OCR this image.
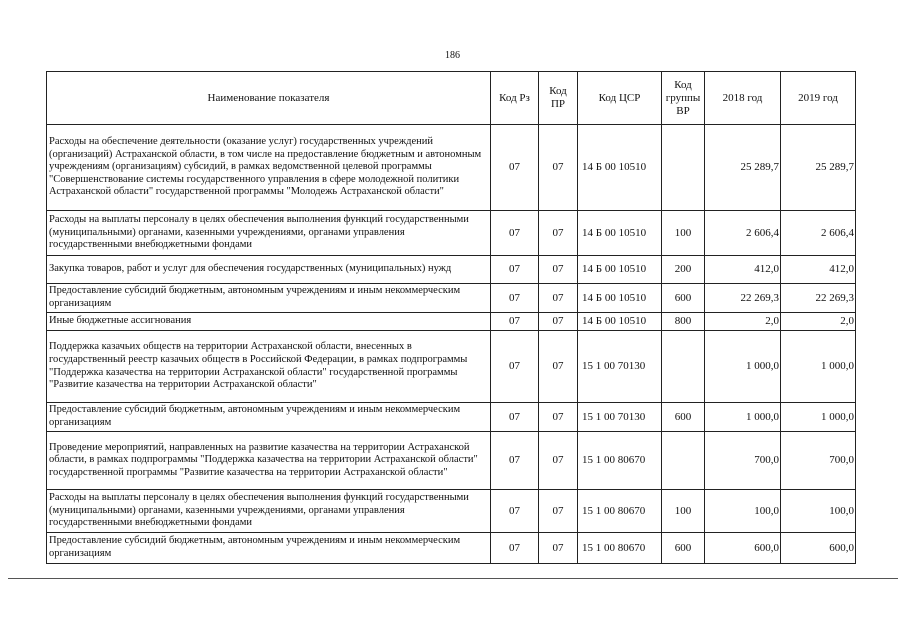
186
Наименование показателя	Код Рз	Код ПР	Код ЦСР	Код группы ВР	2018 год	2019 год
Расходы на обеспечение деятельности (оказание услуг) государственных учреждений (организаций) Астраханской области, в том числе на предоставление бюджетным и автономным учреждениям (организациям) субсидий, в рамках ведомственной целевой программы "Совершенствование системы государственного управления в сфере молодежной политики Астраханской области" государственной программы "Молодежь Астраханской области"	07	07	14 Б 00 10510		25 289,7	25 289,7
Расходы на выплаты персоналу в целях обеспечения выполнения функций государственными (муниципальными) органами, казенными учреждениями, органами управления государственными внебюджетными фондами	07	07	14 Б 00 10510	100	2 606,4	2 606,4
Закупка товаров, работ и услуг для обеспечения государственных (муниципальных) нужд	07	07	14 Б 00 10510	200	412,0	412,0
Предоставление субсидий бюджетным, автономным учреждениям и иным некоммерческим организациям	07	07	14 Б 00 10510	600	22 269,3	22 269,3
Иные бюджетные ассигнования	07	07	14 Б 00 10510	800	2,0	2,0
Поддержка казачьих обществ на территории Астраханской области, внесенных в государственный реестр казачьих обществ в Российской Федерации, в рамках подпрограммы "Поддержка казачества на территории Астраханской области" государственной программы "Развитие казачества на территории Астраханской области"	07	07	15 1 00 70130		1 000,0	1 000,0
Предоставление субсидий бюджетным, автономным учреждениям и иным некоммерческим организациям	07	07	15 1 00 70130	600	1 000,0	1 000,0
Проведение мероприятий, направленных на развитие казачества на территории Астраханской области, в рамках подпрограммы "Поддержка казачества на территории Астраханской области" государственной программы "Развитие казачества на территории Астраханской области"	07	07	15 1 00 80670		700,0	700,0
Расходы на выплаты персоналу в целях обеспечения выполнения функций государственными (муниципальными) органами, казенными учреждениями, органами управления государственными внебюджетными фондами	07	07	15 1 00 80670	100	100,0	100,0
Предоставление субсидий бюджетным, автономным учреждениям и иным некоммерческим организациям	07	07	15 1 00 80670	600	600,0	600,0
